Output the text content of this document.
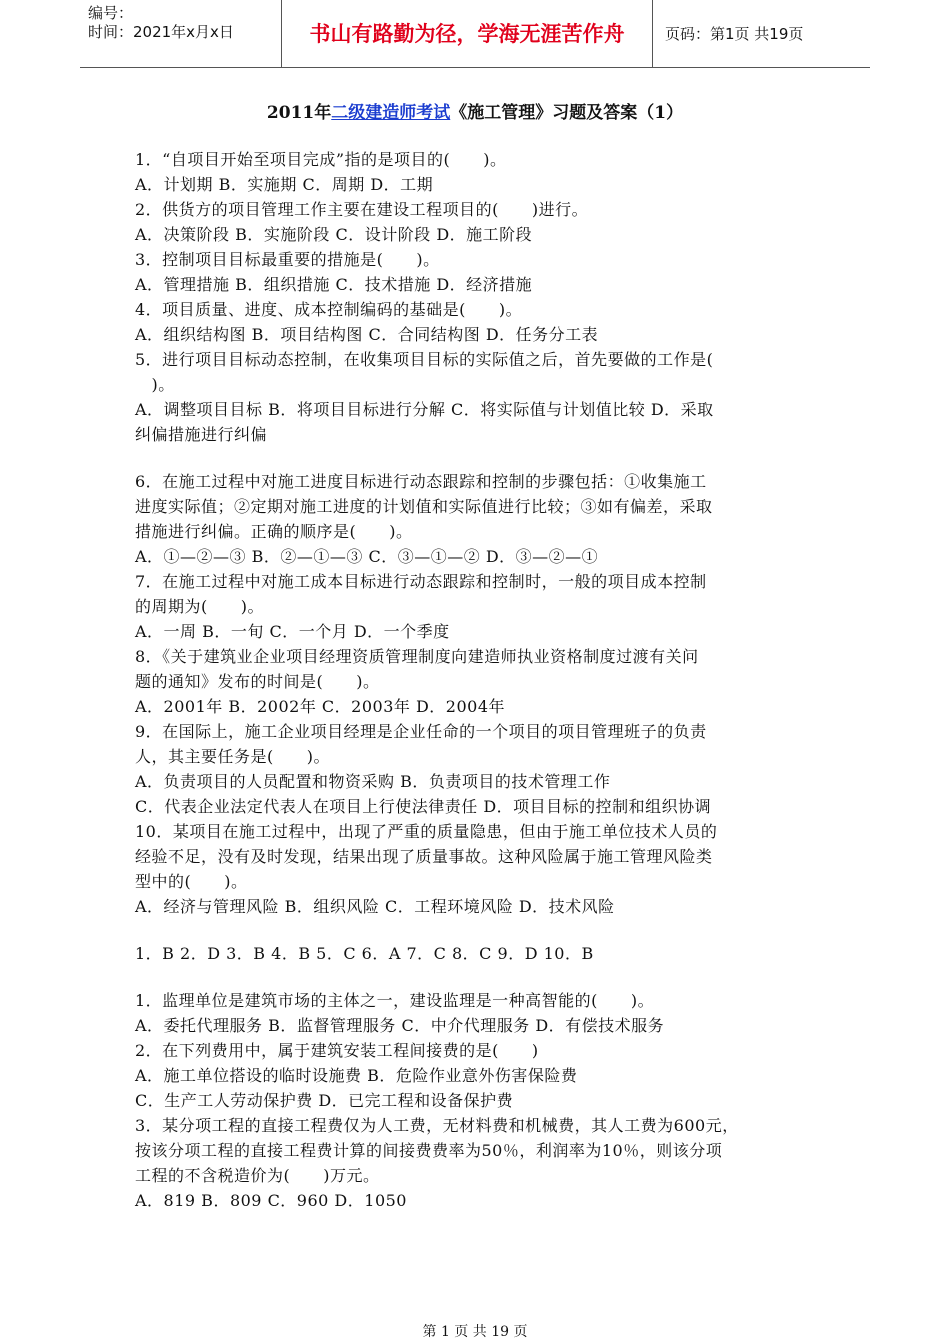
编号：
时间：2021年x月x日	书山有路勤为径，学海无涯苦作舟	页码：第1页 共19页
2011年二级建造师考试《施工管理》习题及答案（1）

1．“自项目开始至项目完成”指的是项目的(　　)。

A．计划期 B．实施期 C．周期 D．工期

2．供货方的项目管理工作主要在建设工程项目的(　　)进行。

A．决策阶段 B．实施阶段 C．设计阶段 D．施工阶段

3．控制项目目标最重要的措施是(　　)。

A．管理措施 B．组织措施 C．技术措施 D．经济措施

4．项目质量、进度、成本控制编码的基础是(　　)。

A．组织结构图 B．项目结构图 C．合同结构图 D．任务分工表

5．进行项目目标动态控制，在收集项目目标的实际值之后，首先要做的工作是(

　)。

A．调整项目目标 B．将项目目标进行分解 C．将实际值与计划值比较 D．采取

纠偏措施进行纠偏

6．在施工过程中对施工进度目标进行动态跟踪和控制的步骤包括：①收集施工

进度实际值；②定期对施工进度的计划值和实际值进行比较；③如有偏差，采取

措施进行纠偏。正确的顺序是(　　)。

A．①—②—③ B．②—①—③ C．③—①—② D．③—②—①

7．在施工过程中对施工成本目标进行动态跟踪和控制时，一般的项目成本控制

的周期为(　　)。

A．一周 B．一旬 C．一个月 D．一个季度

8．《关于建筑业企业项目经理资质管理制度向建造师执业资格制度过渡有关问

题的通知》发布的时间是(　　)。

A．2001年 B．2002年 C．2003年 D．2004年

9．在国际上，施工企业项目经理是企业任命的一个项目的项目管理班子的负责

人，其主要任务是(　　)。

A．负责项目的人员配置和物资采购 B．负责项目的技术管理工作

C．代表企业法定代表人在项目上行使法律责任 D．项目目标的控制和组织协调

10．某项目在施工过程中，出现了严重的质量隐患，但由于施工单位技术人员的

经验不足，没有及时发现，结果出现了质量事故。这种风险属于施工管理风险类

型中的(　　)。

A．经济与管理风险 B．组织风险 C．工程环境风险 D．技术风险

1．B 2．D 3．B 4．B 5．C 6．A 7．C 8．C 9．D 10．B

1．监理单位是建筑市场的主体之一，建设监理是一种高智能的(　　)。

A．委托代理服务 B．监督管理服务 C．中介代理服务 D．有偿技术服务

2．在下列费用中，属于建筑安装工程间接费的是(　　)

A．施工单位搭设的临时设施费 B．危险作业意外伤害保险费

C．生产工人劳动保护费 D．已完工程和设备保护费

3．某分项工程的直接工程费仅为人工费，无材料费和机械费，其人工费为600元，

按该分项工程的直接工程费计算的间接费费率为50％，利润率为10％，则该分项

工程的不含税造价为(　　)万元。

A．819 B．809 C．960 D．1050

第 1 页 共 19 页
